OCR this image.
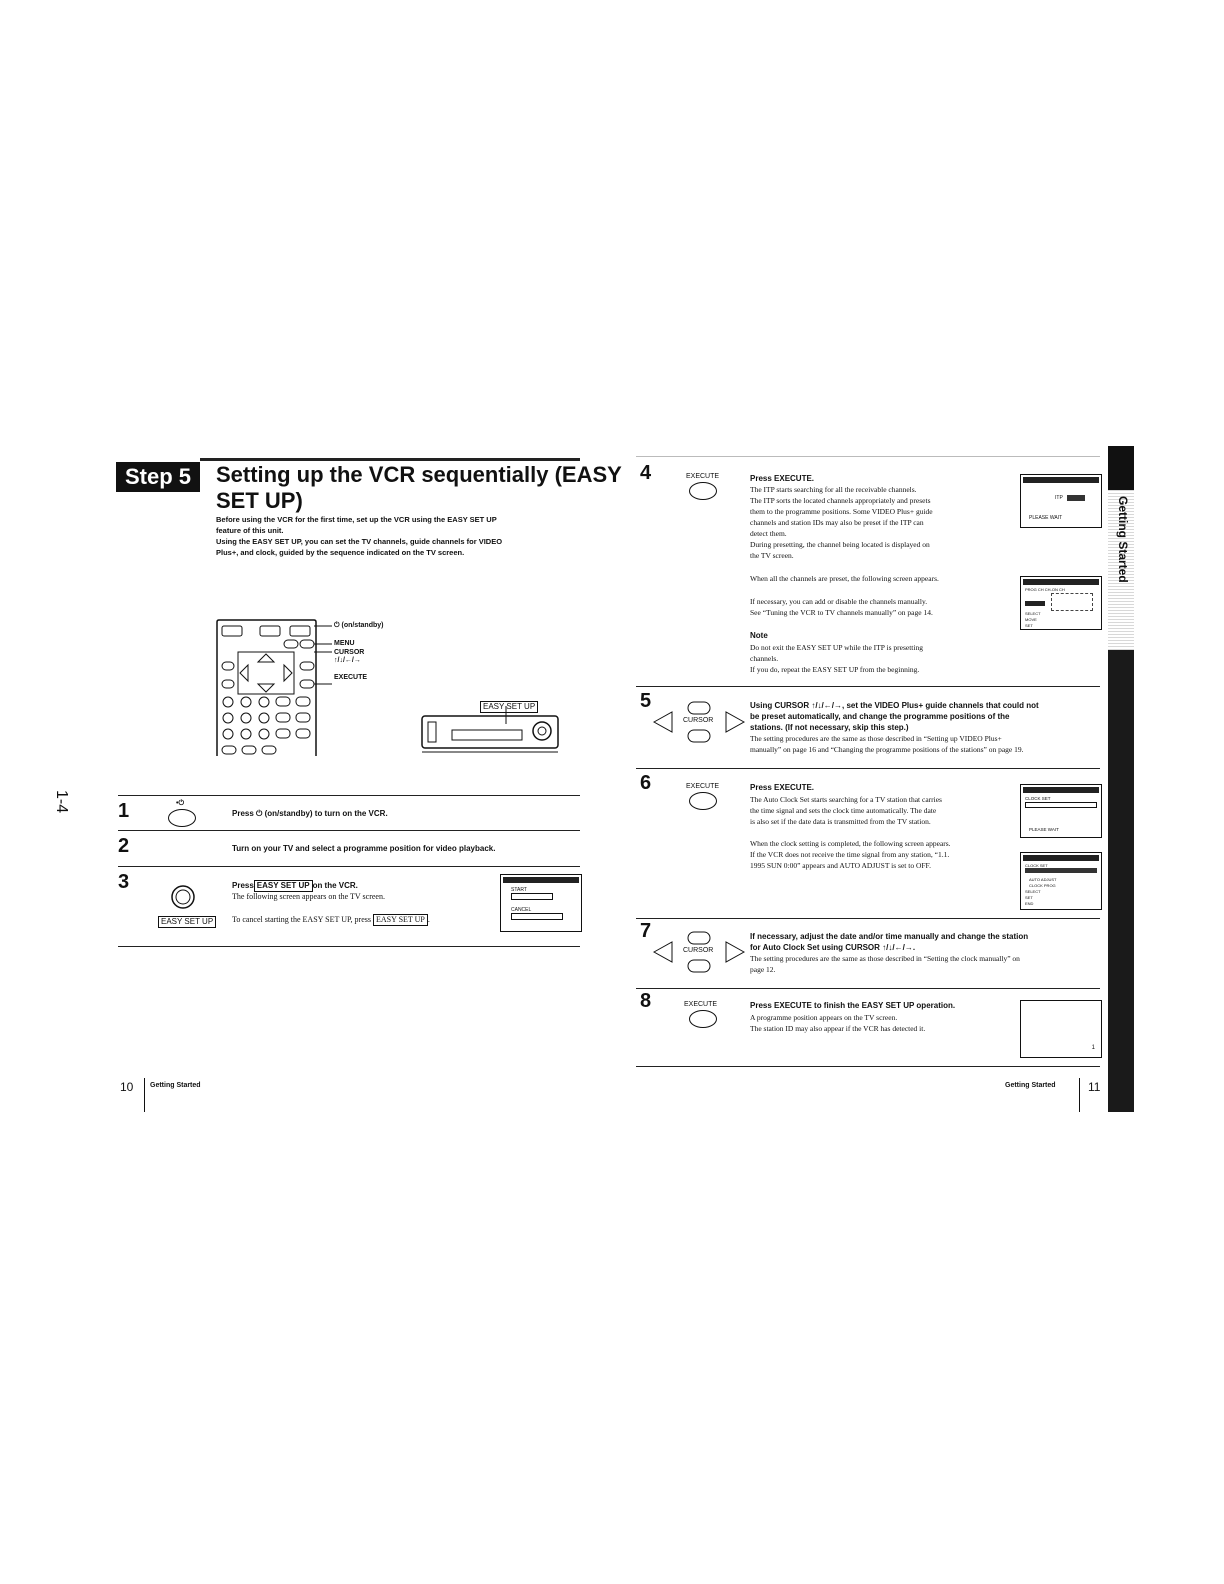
Step 5	Setting up the VCR sequentially (EASY
SET UP)
Before using the VCR for the first time, set up the VCR using the EASY SET UP
feature of this unit.
Using the EASY SET UP, you can set the TV channels, guide channels for VIDEO
Plus+, and clock, guided by the sequence indicated on the TV screen.
⏻ (on/standby)
MENU
CURSOR
↑/↓/←/→
EXECUTE
EASY SET UP
1-4 1	•⏻
Press ⏻ (on/standby) to turn on the VCR.
2	Turn on your TV and select a programme position for video playback.
3
EASY SET UP
Press EASY SET UP on the VCR.
The following screen appears on the TV screen.
To cancel starting the EASY SET UP, press EASY SET UP .
START
CANCEL
10 Getting Started
4	EXECUTE	Press EXECUTE.
The ITP starts searching for all the receivable channels.
The ITP sorts the located channels appropriately and presets
them to the programme positions. Some VIDEO Plus+ guide
channels and station IDs may also be preset if the ITP can
detect them.
During presetting, the channel being located is displayed on
the TV screen.
When all the channels are preset, the following screen appears.
If necessary, you can add or disable the channels manually.
See “Tuning the VCR to TV channels manually” on page 14.
Note
Do not exit the EASY SET UP while the ITP is presetting
channels.
If you do, repeat the EASY SET UP from the beginning.
ITP
PLEASE WAIT
PROG CH CH-ON CH
SELECT
MOVE
SET
5
CURSOR
Using CURSOR ↑/↓/←/→, set the VIDEO Plus+ guide channels that could not
be preset automatically, and change the programme positions of the
stations. (If not necessary, skip this step.)
The setting procedures are the same as those described in “Setting up VIDEO Plus+
manually” on page 16 and “Changing the programme positions of the stations” on page 19.
6	EXECUTE	Press EXECUTE.
The Auto Clock Set starts searching for a TV station that carries
the time signal and sets the clock time automatically. The date
is also set if the date data is transmitted from the TV station.
When the clock setting is completed, the following screen appears.
If the VCR does not receive the time signal from any station, “1.1.
1995 SUN 0:00” appears and AUTO ADJUST is set to OFF.
CLOCK SET
PLEASE WAIT
CLOCK SET
AUTO ADJUST
CLOCK PROG
SELECT
SET
END
7
CURSOR
If necessary, adjust the date and/or time manually and change the station
for Auto Clock Set using CURSOR ↑/↓/←/→.
The setting procedures are the same as those described in “Setting the clock manually” on
page 12.
8	EXECUTE	Press EXECUTE to finish the EASY SET UP operation.
A programme position appears on the TV screen.
The station ID may also appear if the VCR has detected it.
1
Getting Started	11
Getting Started
